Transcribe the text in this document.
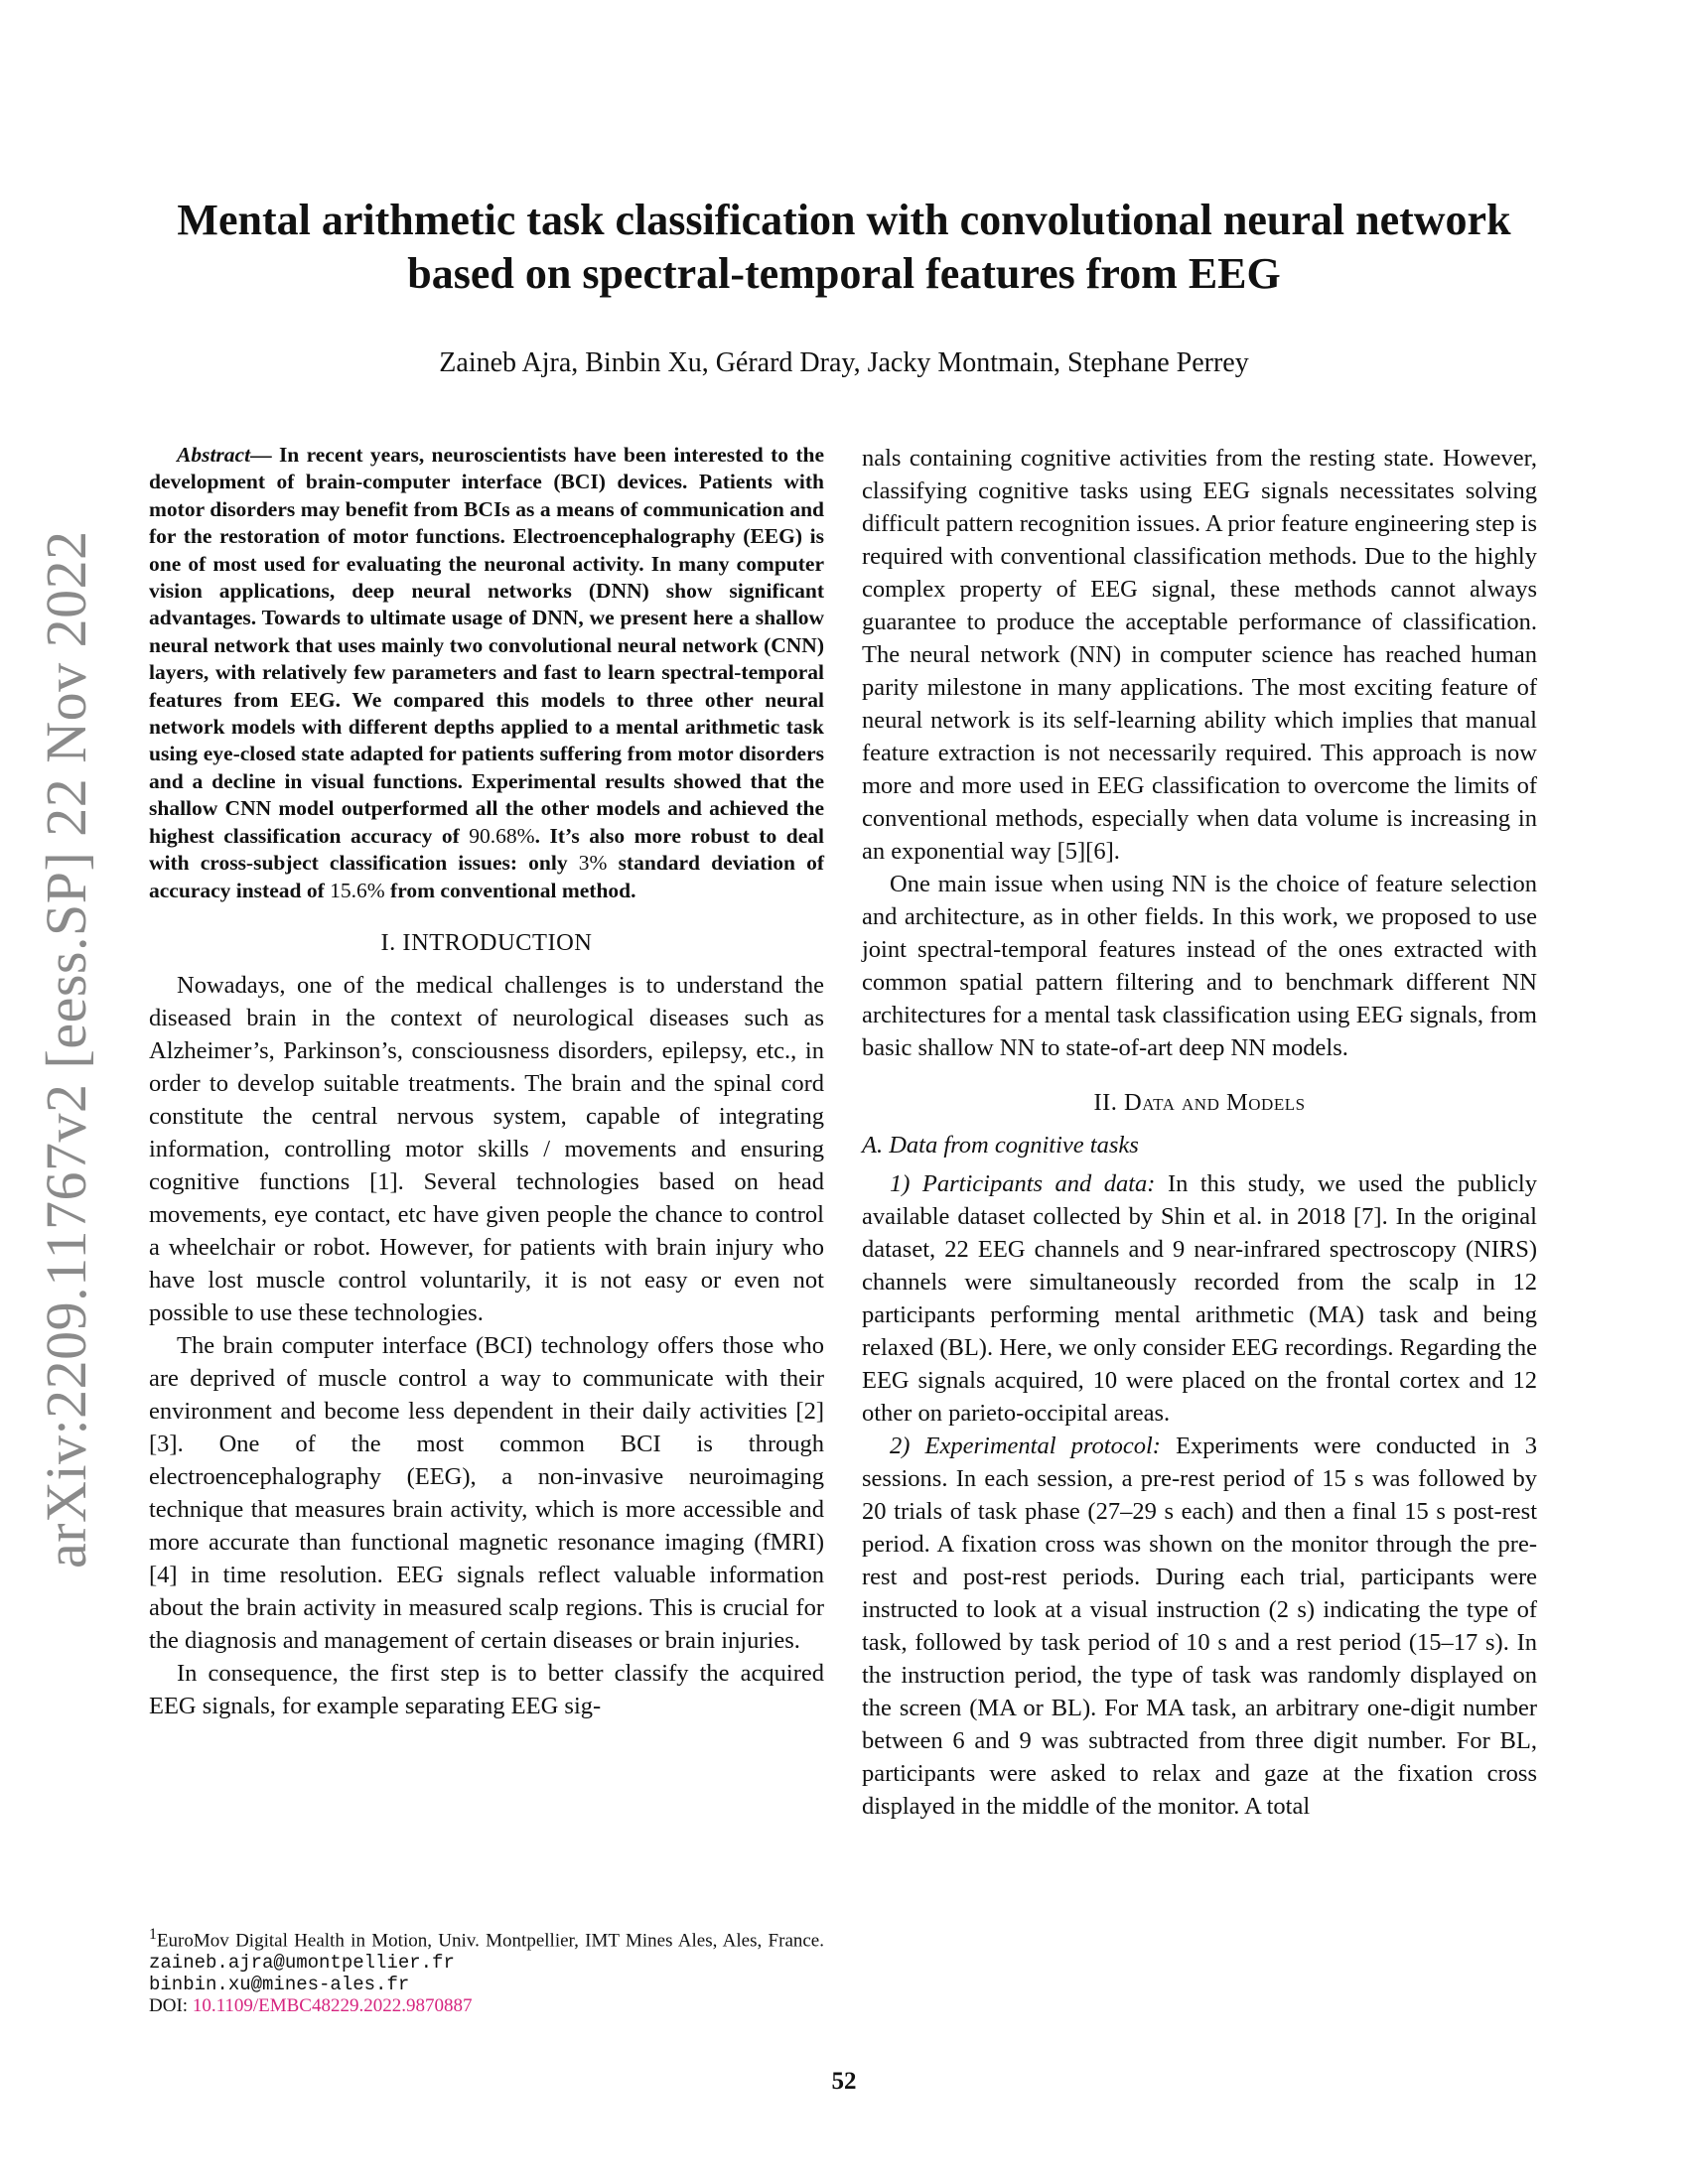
arXiv:2209.11767v2 [eess.SP] 22 Nov 2022
Mental arithmetic task classification with convolutional neural network
based on spectral-temporal features from EEG

Zaineb Ajra, Binbin Xu, Gérard Dray, Jacky Montmain, Stephane Perrey

Abstract— In recent years, neuroscientists have been interested to the development of brain-computer interface (BCI) devices. Patients with motor disorders may benefit from BCIs as a means of communication and for the restoration of motor functions. Electroencephalography (EEG) is one of most used for evaluating the neuronal activity. In many computer vision applications, deep neural networks (DNN) show significant advantages. Towards to ultimate usage of DNN, we present here a shallow neural network that uses mainly two convolutional neural network (CNN) layers, with relatively few parameters and fast to learn spectral-temporal features from EEG. We compared this models to three other neural network models with different depths applied to a mental arithmetic task using eye-closed state adapted for patients suffering from motor disorders and a decline in visual functions. Experimental results showed that the shallow CNN model outperformed all the other models and achieved the highest classification accuracy of 90.68%. It’s also more robust to deal with cross-subject classification issues: only 3% standard deviation of accuracy instead of 15.6% from conventional method.

I. INTRODUCTION

Nowadays, one of the medical challenges is to understand the diseased brain in the context of neurological diseases such as Alzheimer’s, Parkinson’s, consciousness disorders, epilepsy, etc., in order to develop suitable treatments. The brain and the spinal cord constitute the central nervous system, capable of integrating information, controlling motor skills / movements and ensuring cognitive functions [1]. Several technologies based on head movements, eye contact, etc have given people the chance to control a wheelchair or robot. However, for patients with brain injury who have lost muscle control voluntarily, it is not easy or even not possible to use these technologies.

The brain computer interface (BCI) technology offers those who are deprived of muscle control a way to communicate with their environment and become less dependent in their daily activities [2][3]. One of the most common BCI is through electroencephalography (EEG), a non-invasive neuroimaging technique that measures brain activity, which is more accessible and more accurate than functional magnetic resonance imaging (fMRI) [4] in time resolution. EEG signals reflect valuable information about the brain activity in measured scalp regions. This is crucial for the diagnosis and management of certain diseases or brain injuries.

In consequence, the first step is to better classify the acquired EEG signals, for example separating EEG sig-

$^1$EuroMov Digital Health in Motion, Univ. Montpellier, IMT Mines Ales, Ales, France. zaineb.ajra@umontpellier.fr

binbin.xu@mines-ales.fr

DOI: 10.1109/EMBC48229.2022.9870887

nals containing cognitive activities from the resting state. However, classifying cognitive tasks using EEG signals necessitates solving difficult pattern recognition issues. A prior feature engineering step is required with conventional classification methods. Due to the highly complex property of EEG signal, these methods cannot always guarantee to produce the acceptable performance of classification. The neural network (NN) in computer science has reached human parity milestone in many applications. The most exciting feature of neural network is its self-learning ability which implies that manual feature extraction is not necessarily required. This approach is now more and more used in EEG classification to overcome the limits of conventional methods, especially when data volume is increasing in an exponential way [5][6].

One main issue when using NN is the choice of feature selection and architecture, as in other fields. In this work, we proposed to use joint spectral-temporal features instead of the ones extracted with common spatial pattern filtering and to benchmark different NN architectures for a mental task classification using EEG signals, from basic shallow NN to state-of-art deep NN models.

II. Data and Models
A. Data from cognitive tasks

1) Participants and data: In this study, we used the publicly available dataset collected by Shin et al. in 2018 [7]. In the original dataset, 22 EEG channels and 9 near-infrared spectroscopy (NIRS) channels were simultaneously recorded from the scalp in 12 participants performing mental arithmetic (MA) task and being relaxed (BL). Here, we only consider EEG recordings. Regarding the EEG signals acquired, 10 were placed on the frontal cortex and 12 other on parieto-occipital areas.

2) Experimental protocol: Experiments were conducted in 3 sessions. In each session, a pre-rest period of 15 s was followed by 20 trials of task phase (27–29 s each) and then a final 15 s post-rest period. A fixation cross was shown on the monitor through the pre-rest and post-rest periods. During each trial, participants were instructed to look at a visual instruction (2 s) indicating the type of task, followed by task period of 10 s and a rest period (15–17 s). In the instruction period, the type of task was randomly displayed on the screen (MA or BL). For MA task, an arbitrary one-digit number between 6 and 9 was subtracted from three digit number. For BL, participants were asked to relax and gaze at the fixation cross displayed in the middle of the monitor. A total

52
